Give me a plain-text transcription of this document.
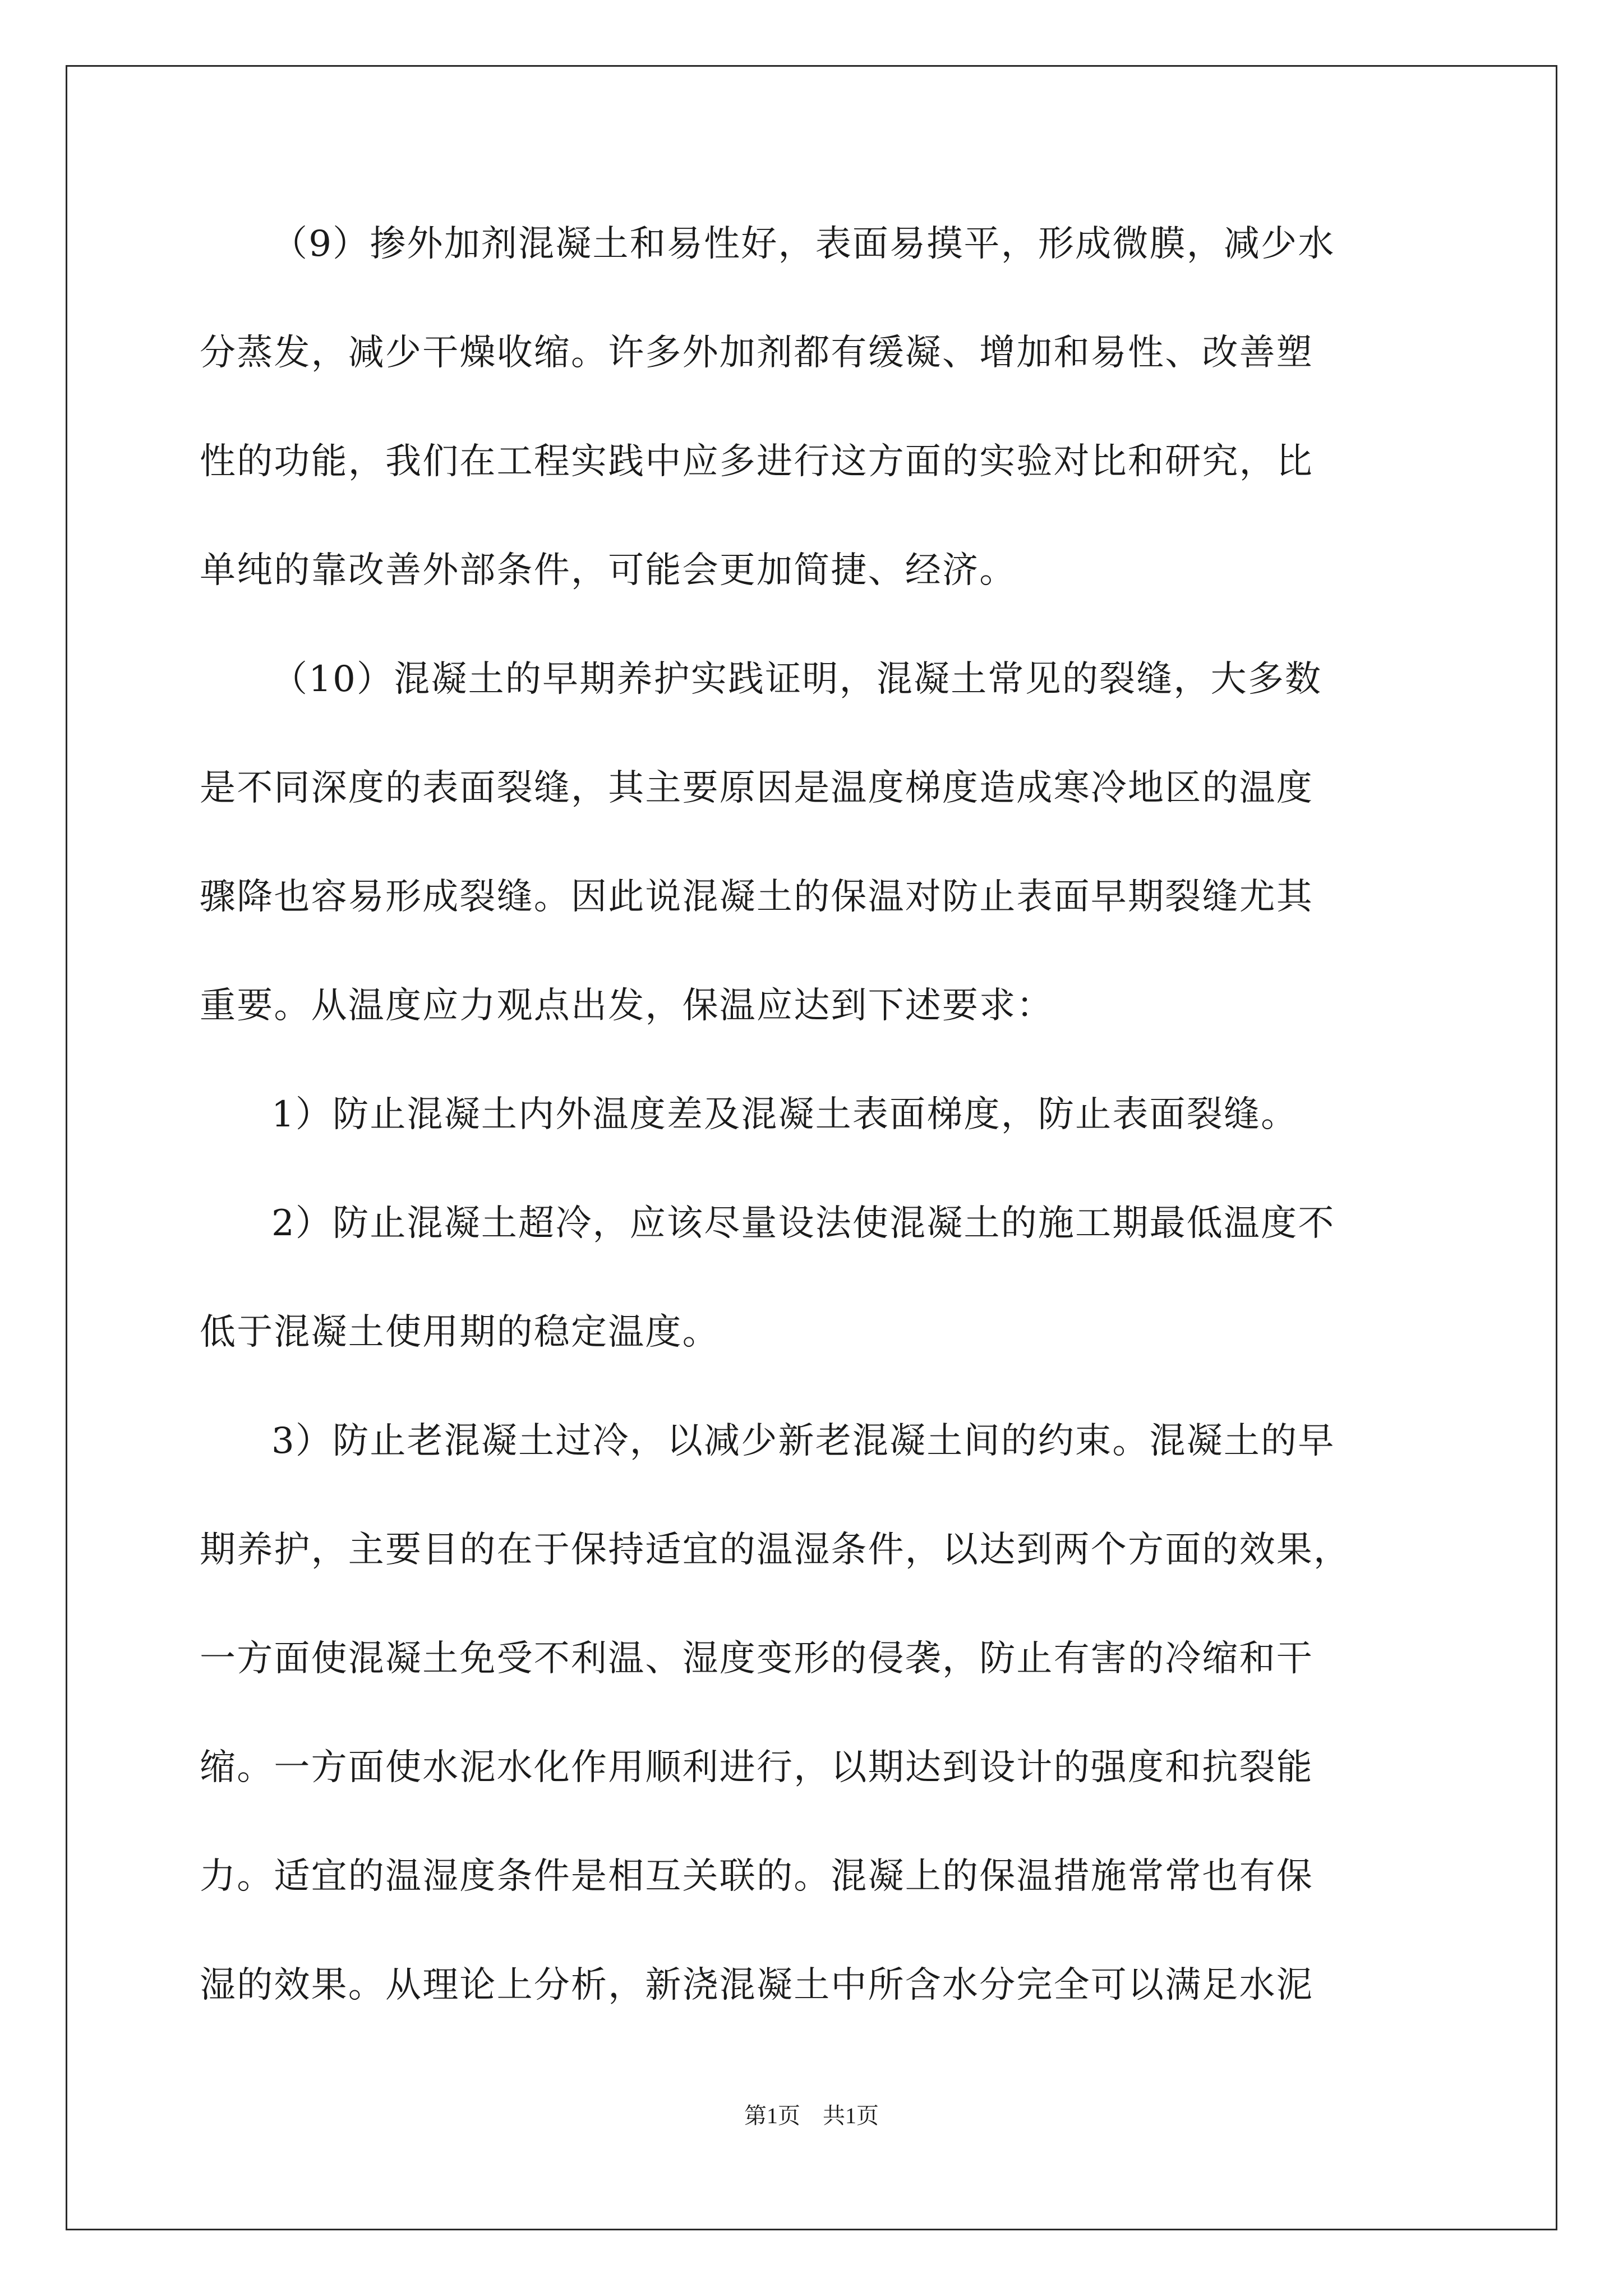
（9）掺外加剂混凝土和易性好，表面易摸平，形成微膜，减少水
分蒸发，减少干燥收缩。许多外加剂都有缓凝、增加和易性、改善塑
性的功能，我们在工程实践中应多进行这方面的实验对比和研究，比
单纯的靠改善外部条件，可能会更加简捷、经济。
（10）混凝土的早期养护实践证明，混凝土常见的裂缝，大多数
是不同深度的表面裂缝，其主要原因是温度梯度造成寒冷地区的温度
骤降也容易形成裂缝。因此说混凝土的保温对防止表面早期裂缝尤其
重要。从温度应力观点出发，保温应达到下述要求：
1）防止混凝土内外温度差及混凝土表面梯度，防止表面裂缝。
2）防止混凝土超冷，应该尽量设法使混凝土的施工期最低温度不
低于混凝土使用期的稳定温度。
3）防止老混凝土过冷，以减少新老混凝土间的约束。混凝土的早
期养护，主要目的在于保持适宜的温湿条件，以达到两个方面的效果，
一方面使混凝土免受不利温、湿度变形的侵袭，防止有害的冷缩和干
缩。一方面使水泥水化作用顺利进行，以期达到设计的强度和抗裂能
力。适宜的温湿度条件是相互关联的。混凝上的保温措施常常也有保
湿的效果。从理论上分析，新浇混凝土中所含水分完全可以满足水泥
第1页　共1页
